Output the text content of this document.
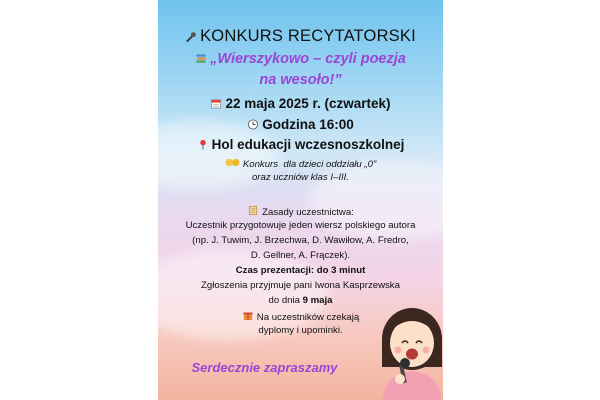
KONKURS RECYTATORSKI
„Wierszykowo – czyli poezja
na wesoło!”
22 maja 2025 r. (czwartek)
Godzina 16:00
Hol edukacji wczesnoszkolnej
Konkurs  dla dzieci oddziału „0”
oraz uczniów klas I–III.
Zasady uczestnictwa:
Uczestnik przygotowuje jeden wiersz polskiego autora
(np. J. Tuwim, J. Brzechwa, D. Wawiłow, A. Fredro,
D. Gellner, A. Frączek).
Czas prezentacji: do 3 minut
Zgłoszenia przyjmuje pani Iwona Kasprzewska
do dnia 9 maja
Na uczestników czekają
dyplomy i upominki.
Serdecznie zapraszamy
